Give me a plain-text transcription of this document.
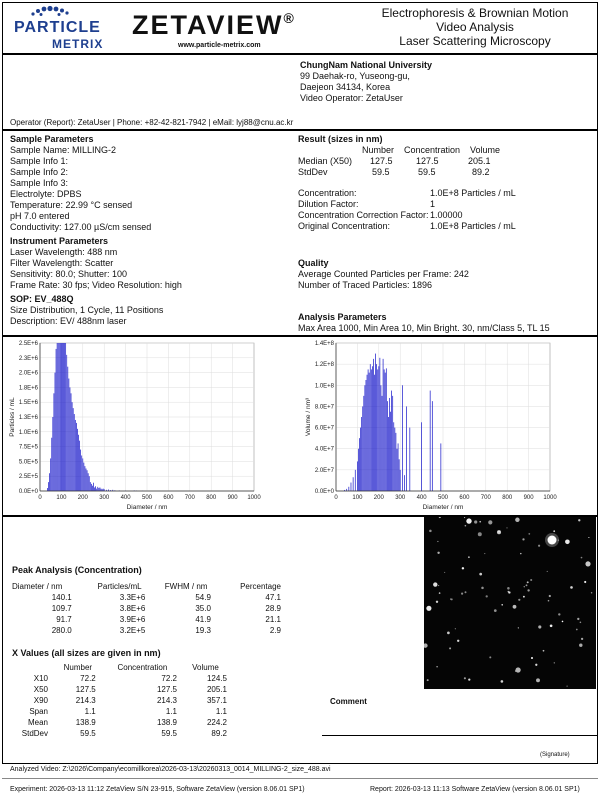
PARTICLE
METRIX
ZETAVIEW®
www.particle-metrix.com
Electrophoresis & Brownian Motion
Video Analysis
Laser Scattering Microscopy
ChungNam National University
99 Daehak-ro, Yuseong-gu,
Daejeon 34134, Korea
Video Operator: ZetaUser
Operator (Report): ZetaUser | Phone: +82-42-821-7942 | eMail: lyj88@cnu.ac.kr
Sample Parameters
Sample Name: MILLING-2
Sample Info 1:
Sample Info 2:
Sample Info 3:
Electrolyte: DPBS
Temperature: 22.99 °C sensed
pH 7.0 entered
Conductivity: 127.00 µS/cm sensed
Instrument Parameters
Laser Wavelength: 488 nm
Filter Wavelength: Scatter
Sensitivity: 80.0; Shutter: 100
Frame Rate: 30 fps; Video Resolution: high
SOP: EV_488Q
Size Distribution, 1 Cycle, 11 Positions
Description: EV/ 488nm laser
Result (sizes in nm)
Number Concentration Volume
Median (X50) 127.5	127.5	205.1
StdDev	59.5	59.5	89.2
Concentration:	1.0E+8 Particles / mL
Dilution Factor:	1
Concentration Correction Factor: 1.00000
Original Concentration:	1.0E+8 Particles / mL
Quality
Average Counted Particles per Frame: 242
Number of Traced Particles: 1896
Analysis Parameters
Max Area 1000, Min Area 10, Min Bright. 30, nm/Class 5, TL 15
0.0E+0
2.5E+5
5.0E+5
7.5E+5
1.0E+6
1.3E+6
1.5E+6
1.8E+6
2.0E+6
2.3E+6
2.5E+6
0 100 200 300 400 500 600 700 800 900 1000
Diameter / nm
Particles / mL
0.0E+0
2.0E+7
4.0E+7
6.0E+7
8.0E+7
1.0E+8
1.2E+8
1.4E+8
0 100 200 300 400 500 600 700 800 900 1000
Diameter / nm
Volume / nm³
Peak Analysis (Concentration)
Diameter / nm	Particles/mL	FWHM / nm	Percentage
140.1	3.3E+6	54.9	47.1
109.7	3.8E+6	35.0	28.9
91.7	3.9E+6	41.9	21.1
280.0	3.2E+5	19.3	2.9
X Values (all sizes are given in nm)
	Number	Concentration	Volume
X10	72.2	72.2	124.5
X50	127.5	127.5	205.1
X90	214.3	214.3	357.1
Span	1.1	1.1	1.1
Mean	138.9	138.9	224.2
StdDev	59.5	59.5	89.2
Comment
(Signature)
Analyzed Video: Z:\2026\Company\ecomillkorea\2026-03-13\20260313_0014_MILLING-2_size_488.avi
Experiment: 2026-03-13 11:12 ZetaView S/N 23-915, Software ZetaView (version 8.06.01 SP1)	Report: 2026-03-13 11:13 Software ZetaView (version 8.06.01 SP1)
